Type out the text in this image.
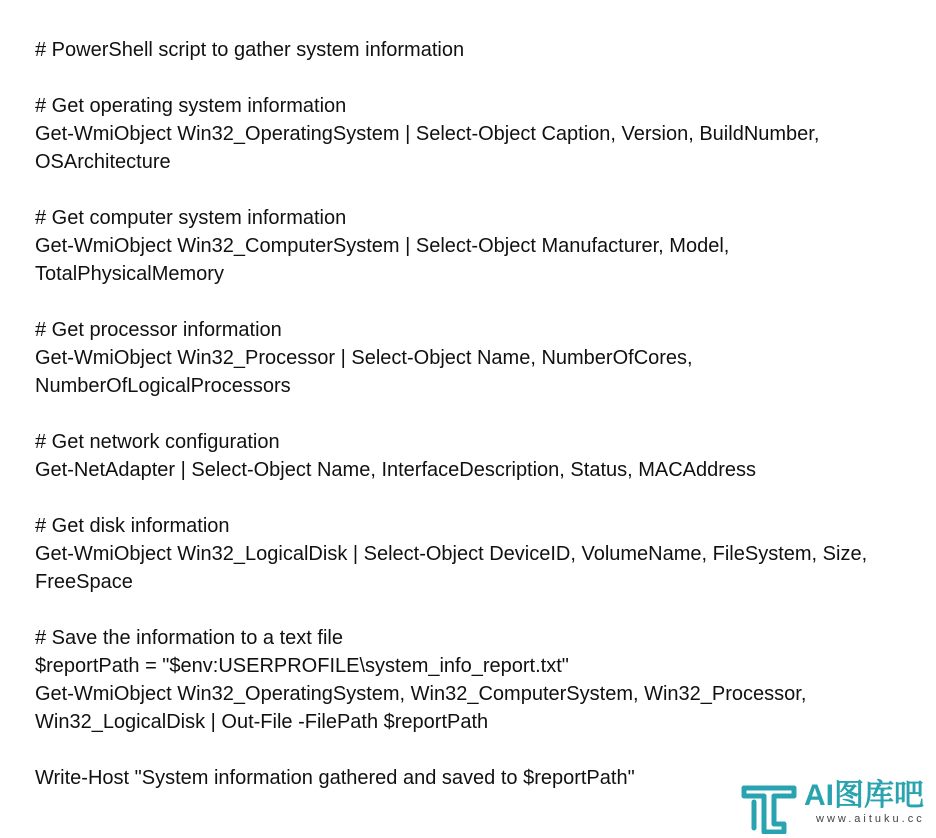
# PowerShell script to gather system information
# Get operating system information
Get-WmiObject Win32_OperatingSystem | Select-Object Caption, Version, BuildNumber,
OSArchitecture
# Get computer system information
Get-WmiObject Win32_ComputerSystem | Select-Object Manufacturer, Model,
TotalPhysicalMemory
# Get processor information
Get-WmiObject Win32_Processor | Select-Object Name, NumberOfCores,
NumberOfLogicalProcessors
# Get network configuration
Get-NetAdapter | Select-Object Name, InterfaceDescription, Status, MACAddress
# Get disk information
Get-WmiObject Win32_LogicalDisk | Select-Object DeviceID, VolumeName, FileSystem, Size,
FreeSpace
# Save the information to a text file
$reportPath = "$env:USERPROFILE\system_info_report.txt"
Get-WmiObject Win32_OperatingSystem, Win32_ComputerSystem, Win32_Processor,
Win32_LogicalDisk | Out-File -FilePath $reportPath
Write-Host "System information gathered and saved to $reportPath"
AI图库吧
www.aituku.cc
